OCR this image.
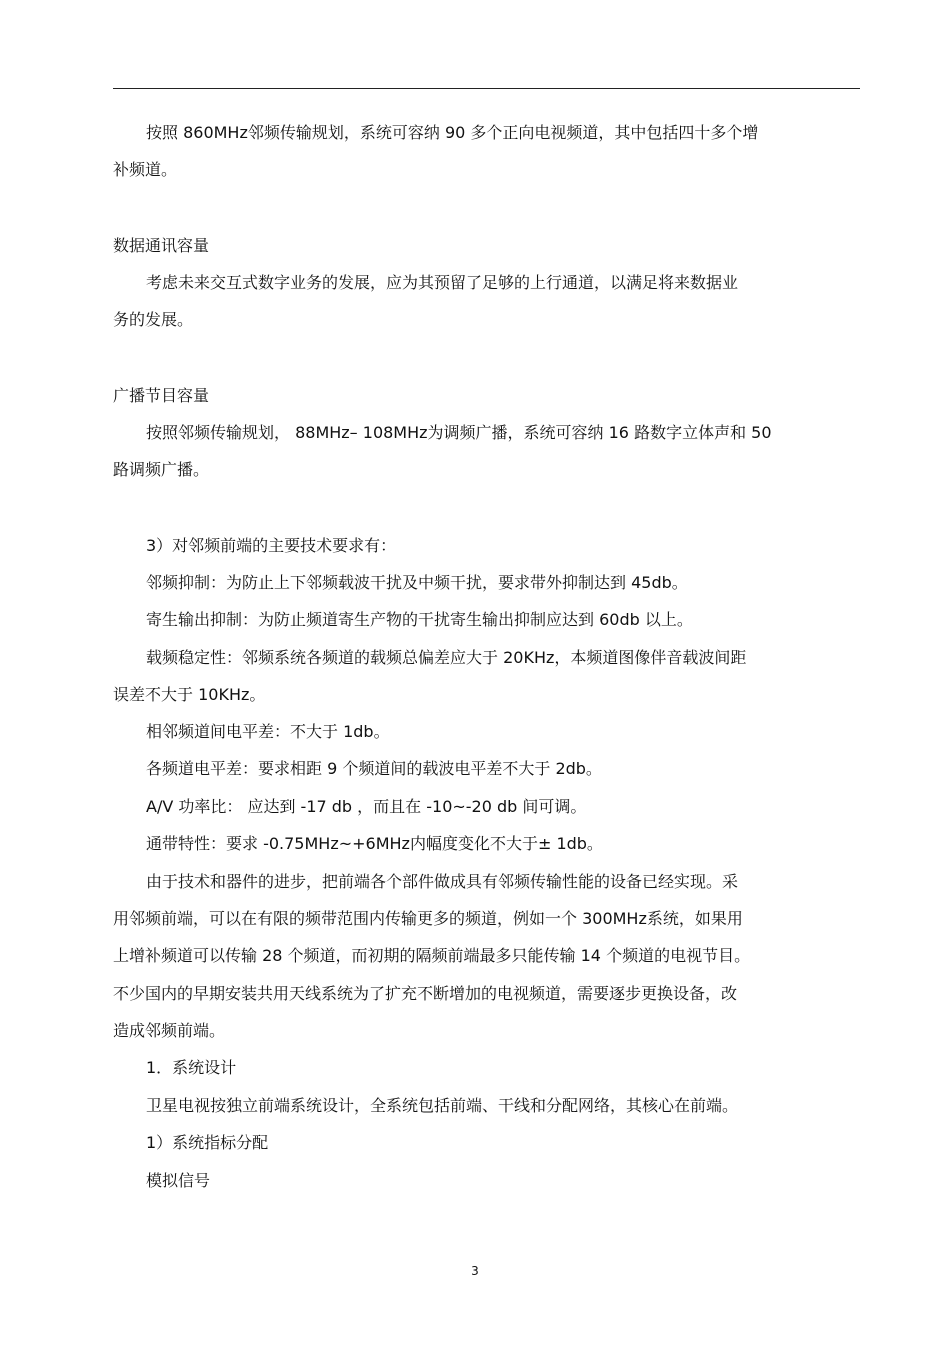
按照 860MHz邻频传输规划，系统可容纳 90 多个正向电视频道，其中包括四十多个增
补频道。
数据通讯容量
考虑未来交互式数字业务的发展，应为其预留了足够的上行通道，以满足将来数据业
务的发展。
广播节目容量
按照邻频传输规划， 88MHz– 108MHz为调频广播，系统可容纳 16 路数字立体声和 50
路调频广播。
3）对邻频前端的主要技术要求有：
邻频抑制：为防止上下邻频载波干扰及中频干扰，要求带外抑制达到 45db。
寄生输出抑制：为防止频道寄生产物的干扰寄生输出抑制应达到 60db 以上。
载频稳定性：邻频系统各频道的载频总偏差应大于 20KHz，本频道图像伴音载波间距
误差不大于 10KHz。
相邻频道间电平差：不大于 1db。
各频道电平差：要求相距 9 个频道间的载波电平差不大于 2db。
A/V 功率比： 应达到 -17 db ，而且在 -10~-20 db 间可调。
通带特性：要求 -0.75MHz~+6MHz内幅度变化不大于± 1db。
由于技术和器件的进步，把前端各个部件做成具有邻频传输性能的设备已经实现。采
用邻频前端，可以在有限的频带范围内传输更多的频道，例如一个 300MHz系统，如果用
上增补频道可以传输 28 个频道，而初期的隔频前端最多只能传输 14 个频道的电视节目。
不少国内的早期安装共用天线系统为了扩充不断增加的电视频道，需要逐步更换设备，改
造成邻频前端。
1．系统设计
卫星电视按独立前端系统设计，全系统包括前端、干线和分配网络，其核心在前端。
1）系统指标分配
模拟信号
3
